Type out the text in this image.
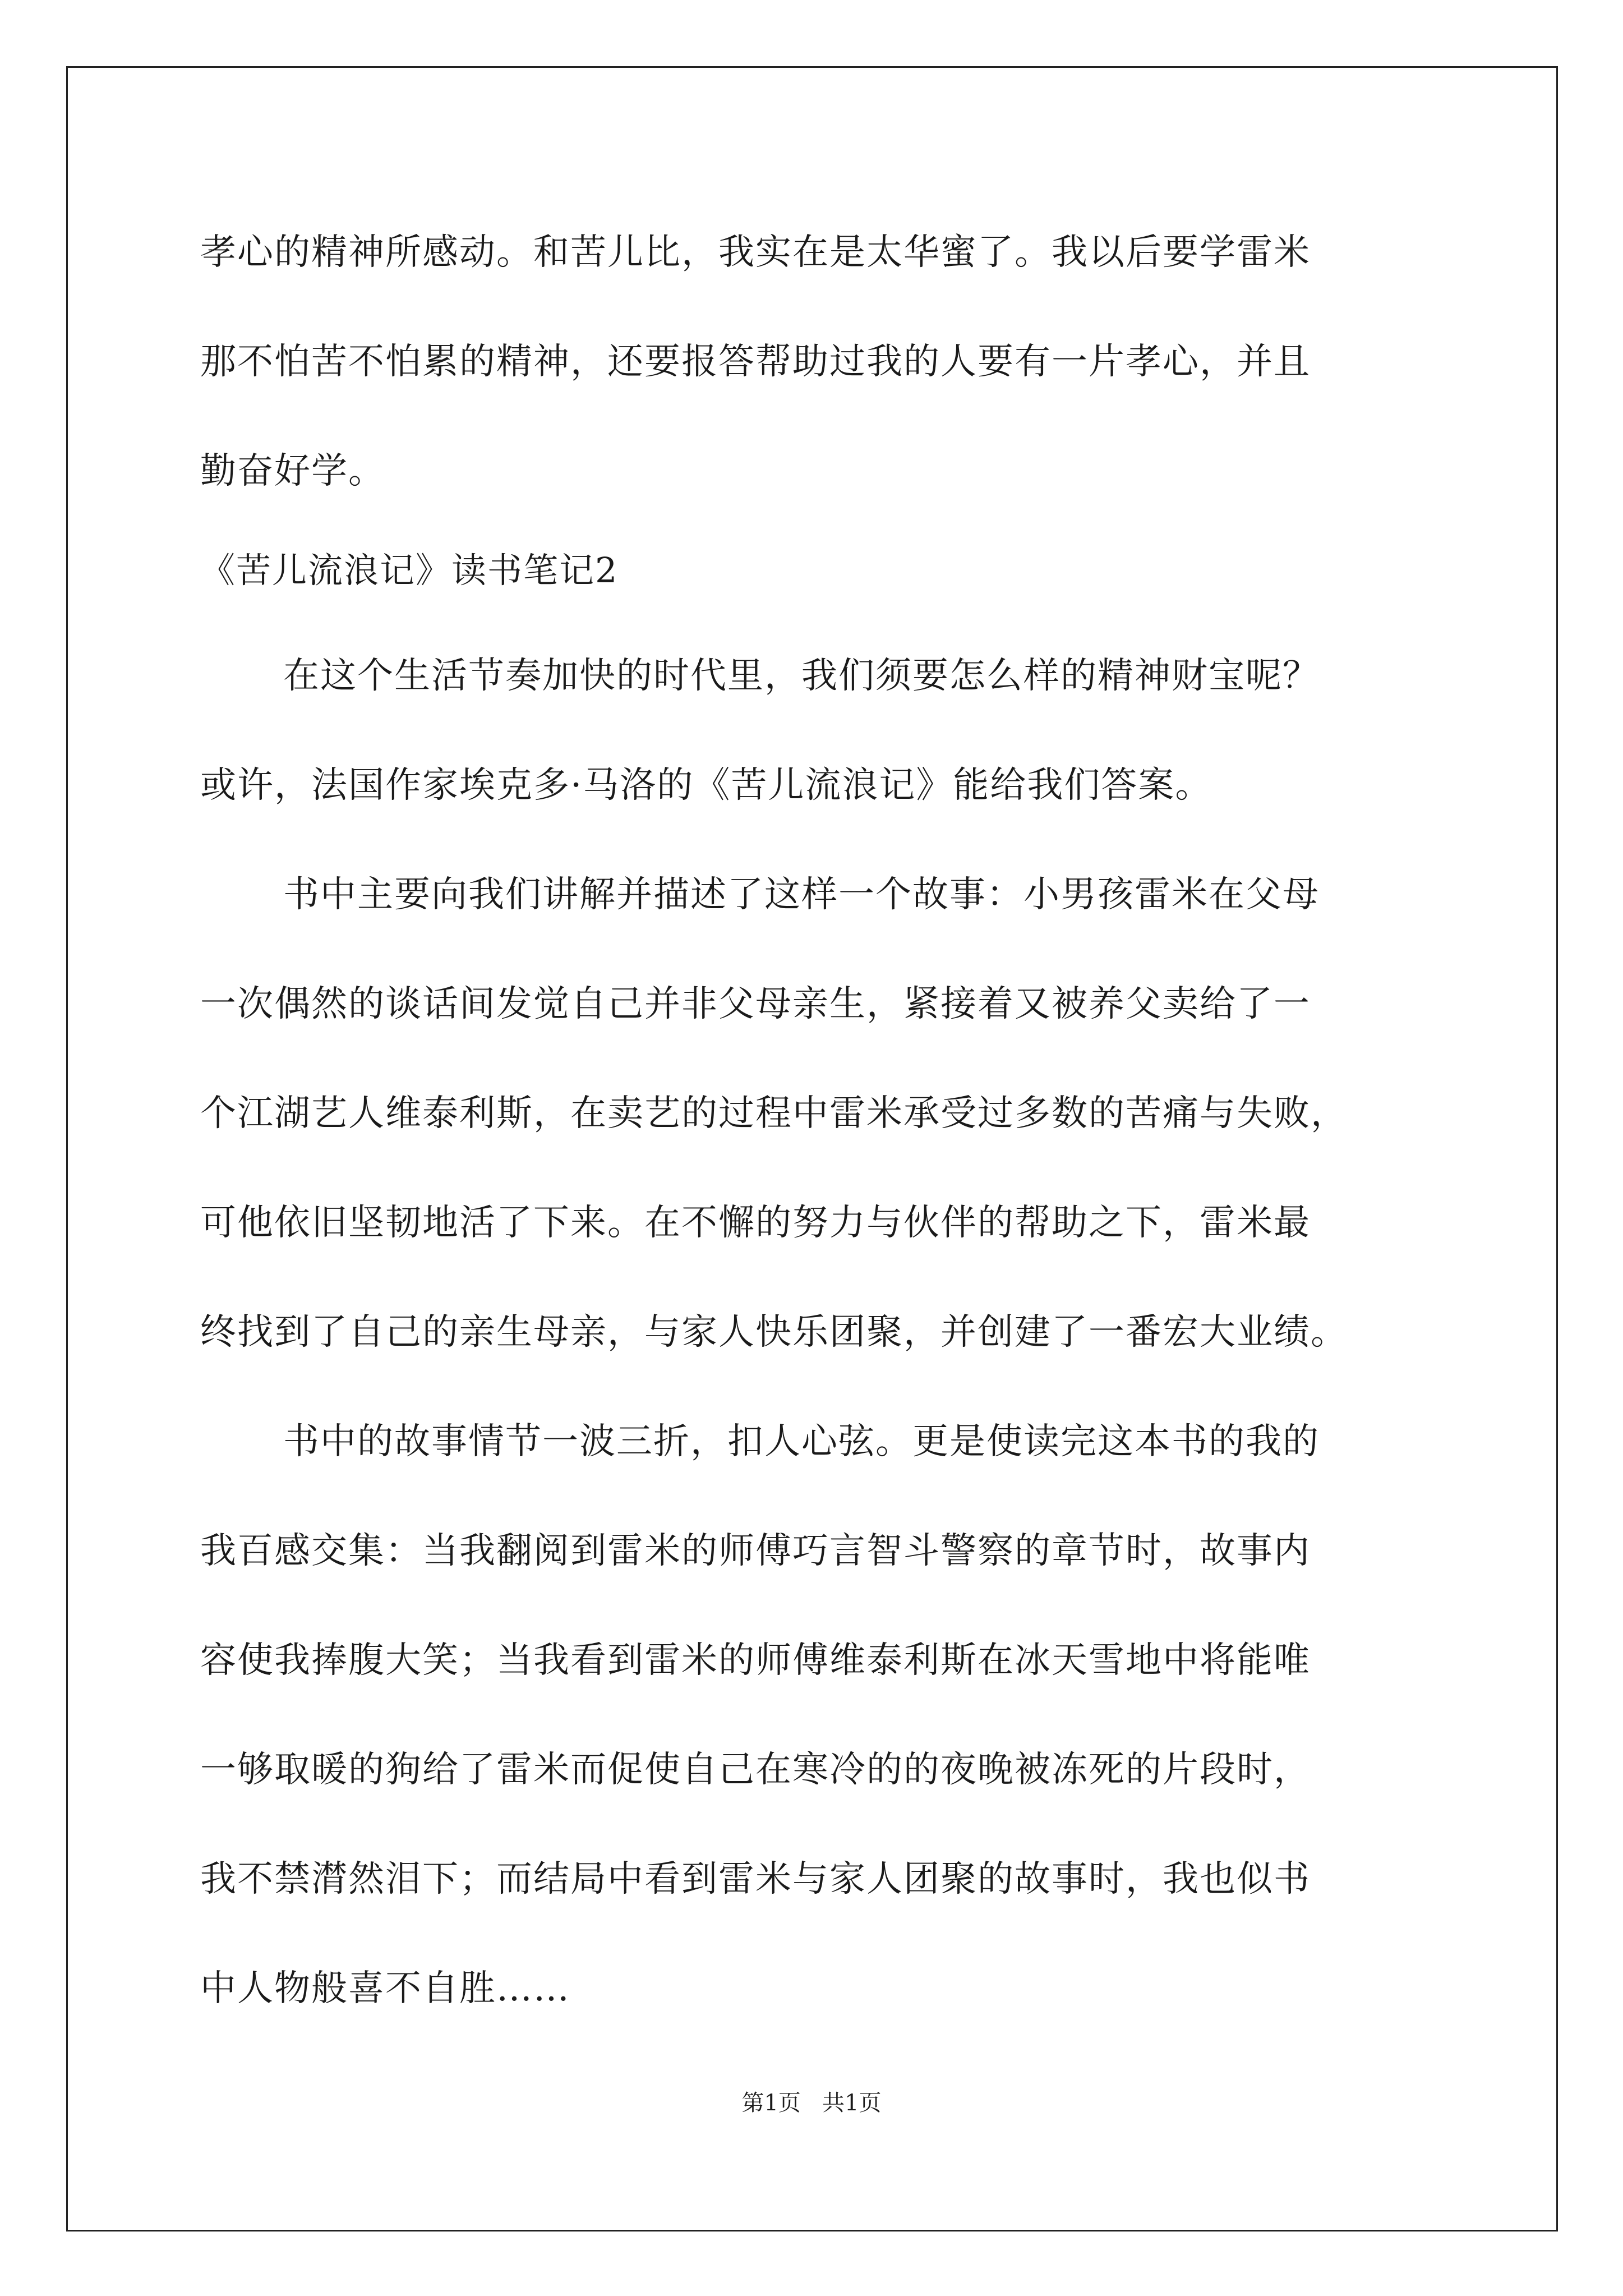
孝心的精神所感动。和苦儿比，我实在是太华蜜了。我以后要学雷米
那不怕苦不怕累的精神，还要报答帮助过我的人要有一片孝心，并且
勤奋好学。
《苦儿流浪记》读书笔记2
在这个生活节奏加快的时代里，我们须要怎么样的精神财宝呢？
或许，法国作家埃克多·马洛的《苦儿流浪记》能给我们答案。
书中主要向我们讲解并描述了这样一个故事：小男孩雷米在父母
一次偶然的谈话间发觉自己并非父母亲生，紧接着又被养父卖给了一
个江湖艺人维泰利斯，在卖艺的过程中雷米承受过多数的苦痛与失败，
可他依旧坚韧地活了下来。在不懈的努力与伙伴的帮助之下，雷米最
终找到了自己的亲生母亲，与家人快乐团聚，并创建了一番宏大业绩。
书中的故事情节一波三折，扣人心弦。更是使读完这本书的我的
我百感交集：当我翻阅到雷米的师傅巧言智斗警察的章节时，故事内
容使我捧腹大笑；当我看到雷米的师傅维泰利斯在冰天雪地中将能唯
一够取暖的狗给了雷米而促使自己在寒冷的的夜晚被冻死的片段时，
我不禁潸然泪下；而结局中看到雷米与家人团聚的故事时，我也似书
中人物般喜不自胜……
第1页   共1页
